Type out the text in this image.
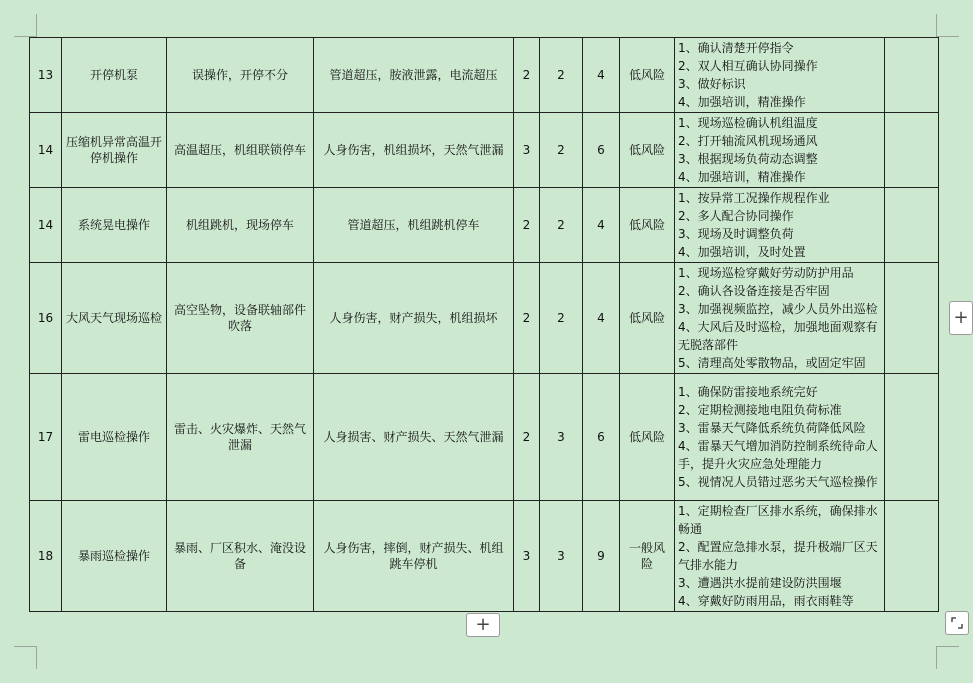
13	开停机泵	误操作，开停不分	管道超压，胺液泄露，电流超压	2	2	4	低风险	1、确认清楚开停指令
2、双人相互确认协同操作
3、做好标识
4、加强培训，精准操作	

14	压缩机异常高温开停机操作	高温超压，机组联锁停车	人身伤害，机组损坏，天然气泄漏	3	2	6	低风险	1、现场巡检确认机组温度
2、打开轴流风机现场通风
3、根据现场负荷动态调整
4、加强培训，精准操作	

14	系统晃电操作	机组跳机，现场停车	管道超压，机组跳机停车	2	2	4	低风险	1、按异常工况操作规程作业
2、多人配合协同操作
3、现场及时调整负荷
4、加强培训，及时处置	

16	大风天气现场巡检	高空坠物，设备联轴部件吹落	人身伤害，财产损失，机组损坏	2	2	4	低风险	1、现场巡检穿戴好劳动防护用品
2、确认各设备连接是否牢固
3、加强视频监控，减少人员外出巡检
4、大风后及时巡检，加强地面观察有无脱落部件
5、清理高处零散物品，或固定牢固	

17	雷电巡检操作	雷击、火灾爆炸、天然气泄漏	人身损害、财产损失、天然气泄漏	2	3	6	低风险	1、确保防雷接地系统完好
2、定期检测接地电阻负荷标准
3、雷暴天气降低系统负荷降低风险
4、雷暴天气增加消防控制系统待命人手，提升火灾应急处理能力
5、视情况人员错过恶劣天气巡检操作	

18	暴雨巡检操作	暴雨、厂区积水、淹没设备	人身伤害，摔倒，财产损失、机组跳车停机	3	3	9	一般风险	1、定期检查厂区排水系统，确保排水畅通
2、配置应急排水泵，提升极端厂区天气排水能力
3、遭遇洪水提前建设防洪围堰
4、穿戴好防雨用品，雨衣雨鞋等	

+
+
